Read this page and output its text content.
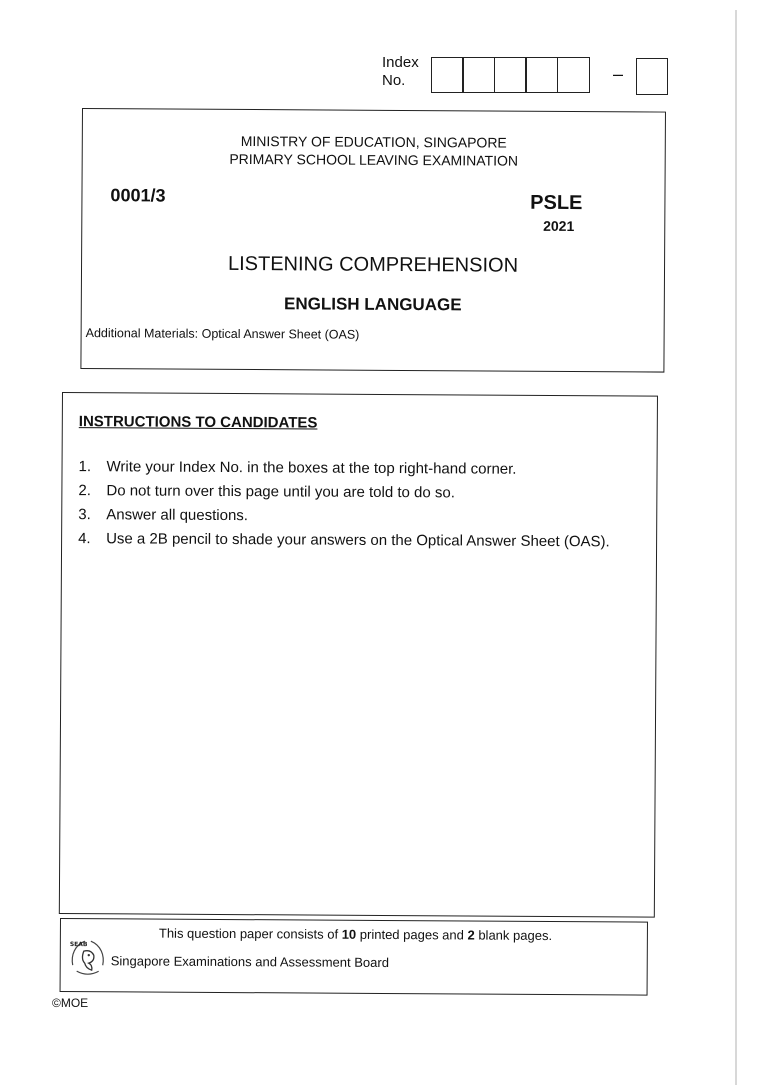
Index
No.	–
MINISTRY OF EDUCATION, SINGAPORE
PRIMARY SCHOOL LEAVING EXAMINATION
0001/3	PSLE
2021
LISTENING COMPREHENSION
ENGLISH LANGUAGE
Additional Materials: Optical Answer Sheet (OAS)
INSTRUCTIONS TO CANDIDATES
1.	Write your Index No. in the boxes at the top right-hand corner.
2.	Do not turn over this page until you are told to do so.
3.	Answer all questions.
4.	Use a 2B pencil to shade your answers on the Optical Answer Sheet (OAS).
This question paper consists of 10 printed pages and 2 blank pages.
SEAB
Singapore Examinations and Assessment Board
©MOE
